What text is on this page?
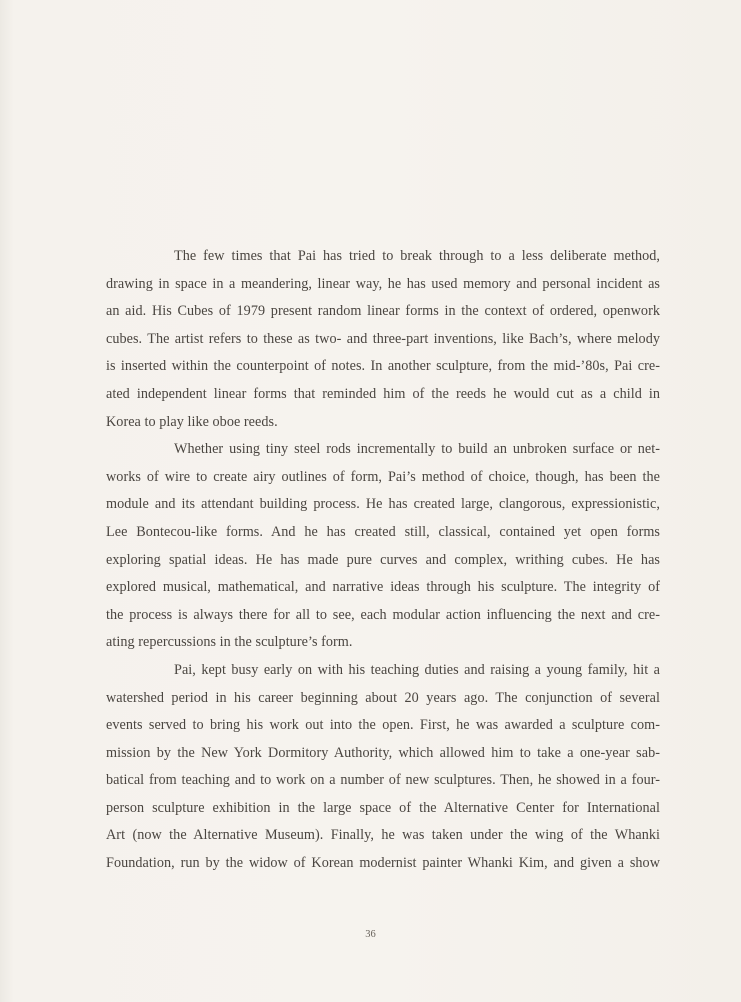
The few times that Pai has tried to break through to a less deliberate method,
drawing in space in a meandering, linear way, he has used memory and personal incident as
an aid. His Cubes of 1979 present random linear forms in the context of ordered, openwork
cubes. The artist refers to these as two- and three-part inventions, like Bach’s, where melody
is inserted within the counterpoint of notes. In another sculpture, from the mid-’80s, Pai cre-
ated independent linear forms that reminded him of the reeds he would cut as a child in
Korea to play like oboe reeds.
Whether using tiny steel rods incrementally to build an unbroken surface or net-
works of wire to create airy outlines of form, Pai’s method of choice, though, has been the
module and its attendant building process. He has created large, clangorous, expressionistic,
Lee Bontecou-like forms. And he has created still, classical, contained yet open forms
exploring spatial ideas. He has made pure curves and complex, writhing cubes. He has
explored musical, mathematical, and narrative ideas through his sculpture. The integrity of
the process is always there for all to see, each modular action influencing the next and cre-
ating repercussions in the sculpture’s form.
Pai, kept busy early on with his teaching duties and raising a young family, hit a
watershed period in his career beginning about 20 years ago. The conjunction of several
events served to bring his work out into the open. First, he was awarded a sculpture com-
mission by the New York Dormitory Authority, which allowed him to take a one-year sab-
batical from teaching and to work on a number of new sculptures. Then, he showed in a four-
person sculpture exhibition in the large space of the Alternative Center for International
Art (now the Alternative Museum). Finally, he was taken under the wing of the Whanki
Foundation, run by the widow of Korean modernist painter Whanki Kim, and given a show
36
